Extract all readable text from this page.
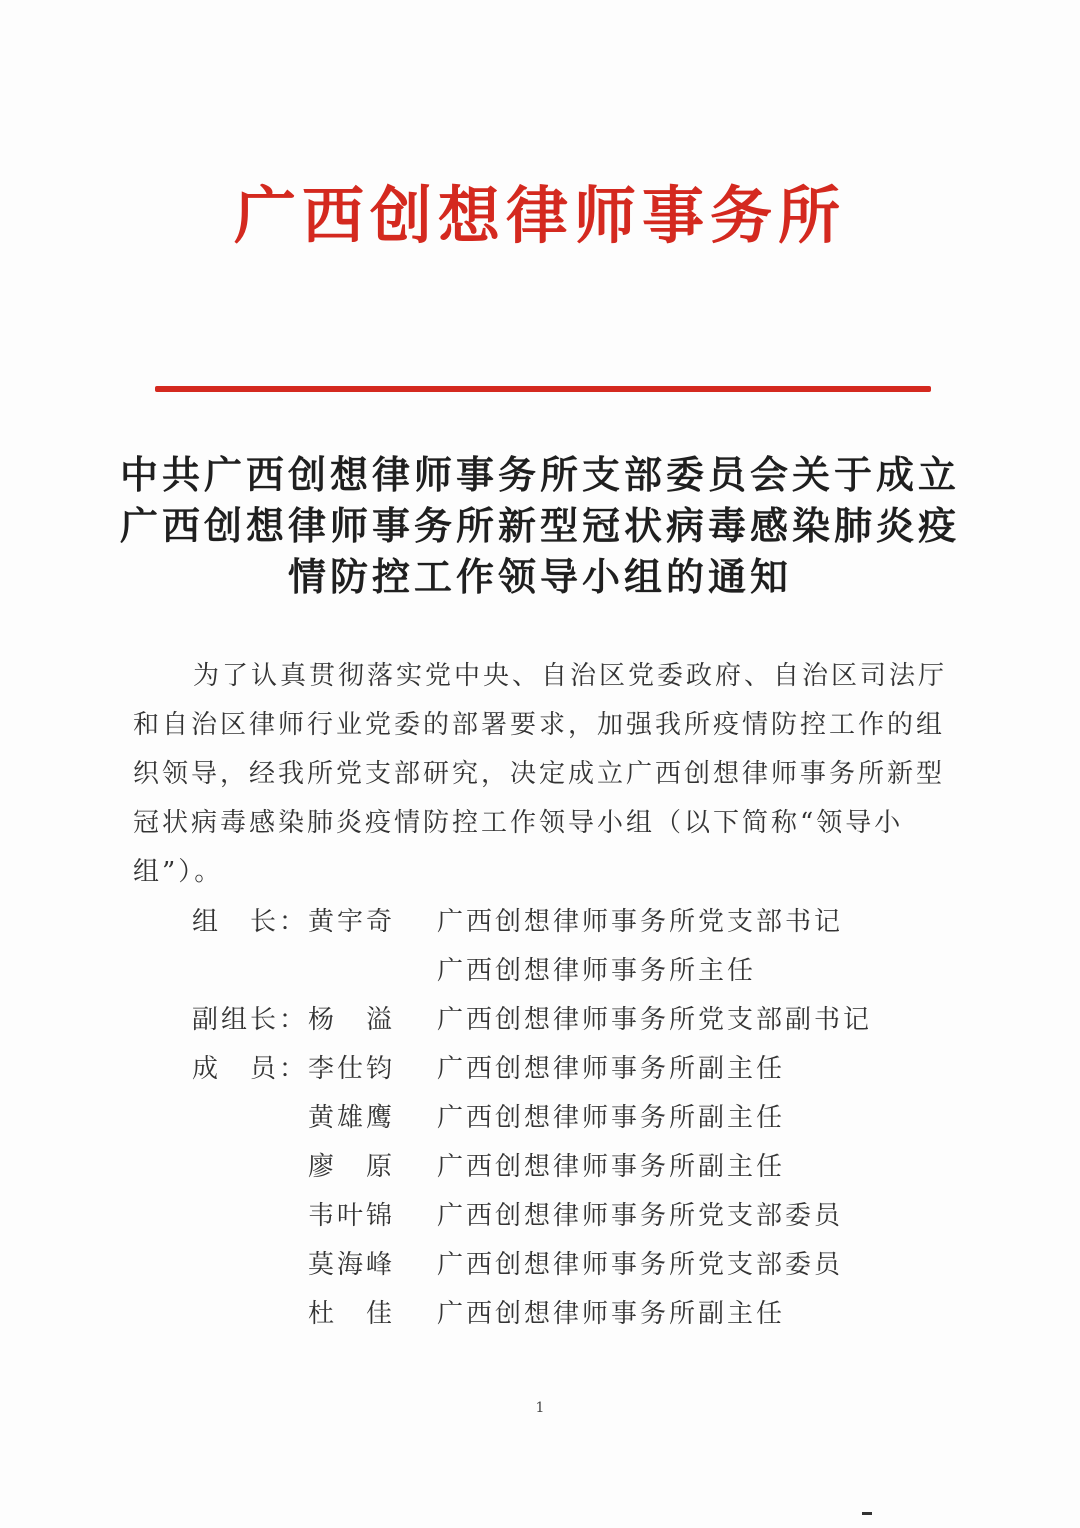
广西创想律师事务所
中共广西创想律师事务所支部委员会关于成立
广西创想律师事务所新型冠状病毒感染肺炎疫
情防控工作领导小组的通知
为了认真贯彻落实党中央、自治区党委政府、自治区司法厅
和自治区律师行业党委的部署要求，加强我所疫情防控工作的组
织领导，经我所党支部研究，决定成立广西创想律师事务所新型
冠状病毒感染肺炎疫情防控工作领导小组（以下简称“领导小
组”）。
组　长： 黄宇奇 广西创想律师事务所党支部书记
广西创想律师事务所主任
副组长： 杨　溢 广西创想律师事务所党支部副书记
成　员： 李仕钧 广西创想律师事务所副主任
黄雄鹰 广西创想律师事务所副主任
廖　原 广西创想律师事务所副主任
韦叶锦 广西创想律师事务所党支部委员
莫海峰 广西创想律师事务所党支部委员
杜　佳 广西创想律师事务所副主任
1
